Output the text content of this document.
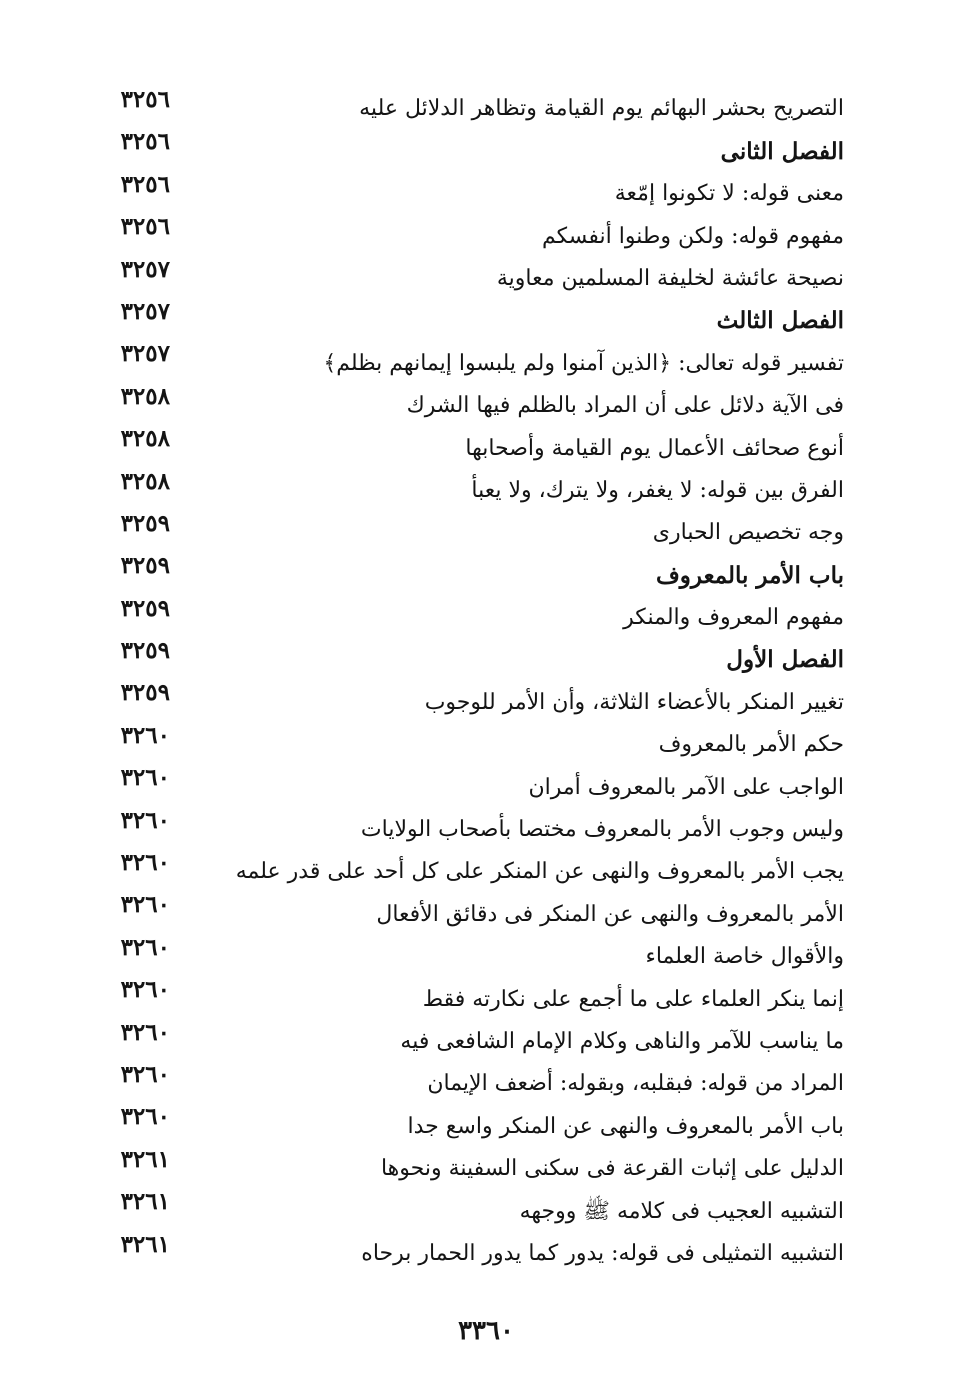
التصريح بحشر البهائم يوم القيامة وتظاهر الدلائل عليه
٣٢٥٦
الفصل الثانى
٣٢٥٦
معنى قوله: لا تكونوا إمّعة
٣٢٥٦
مفهوم قوله: ولكن وطنوا أنفسكم
٣٢٥٦
نصيحة عائشة لخليفة المسلمين معاوية
٣٢٥٧
الفصل الثالث
٣٢٥٧
تفسير قوله تعالى: ﴿الذين آمنوا ولم يلبسوا إيمانهم بظلم﴾
٣٢٥٧
فى الآية دلائل على أن المراد بالظلم فيها الشرك
٣٢٥٨
أنوع صحائف الأعمال يوم القيامة وأصحابها
٣٢٥٨
الفرق بين قوله: لا يغفر، ولا يترك، ولا يعبأ
٣٢٥٨
وجه تخصيص الحبارى
٣٢٥٩
باب الأمر بالمعروف
٣٢٥٩
مفهوم المعروف والمنكر
٣٢٥٩
الفصل الأول
٣٢٥٩
تغيير المنكر بالأعضاء الثلاثة، وأن الأمر للوجوب
٣٢٥٩
حكم الأمر بالمعروف
٣٢٦٠
الواجب على الآمر بالمعروف أمران
٣٢٦٠
وليس وجوب الأمر بالمعروف مختصا بأصحاب الولايات
٣٢٦٠
يجب الأمر بالمعروف والنهى عن المنكر على كل أحد على قدر علمه
٣٢٦٠
الأمر بالمعروف والنهى عن المنكر فى دقائق الأفعال
٣٢٦٠
والأقوال خاصة العلماء
٣٢٦٠
إنما ينكر العلماء على ما أجمع على نكارته فقط
٣٢٦٠
ما يناسب للآمر والناهى وكلام الإمام الشافعى فيه
٣٢٦٠
المراد من قوله: فبقلبه، وبقوله: أضعف الإيمان
٣٢٦٠
باب الأمر بالمعروف والنهى عن المنكر واسع جدا
٣٢٦٠
الدليل على إثبات القرعة فى سكنى السفينة ونحوها
٣٢٦١
التشبيه العجيب فى كلامه ﷺ ووجهه
٣٢٦١
التشبيه التمثيلى فى قوله: يدور كما يدور الحمار برحاه
٣٢٦١
٣٣٦٠
